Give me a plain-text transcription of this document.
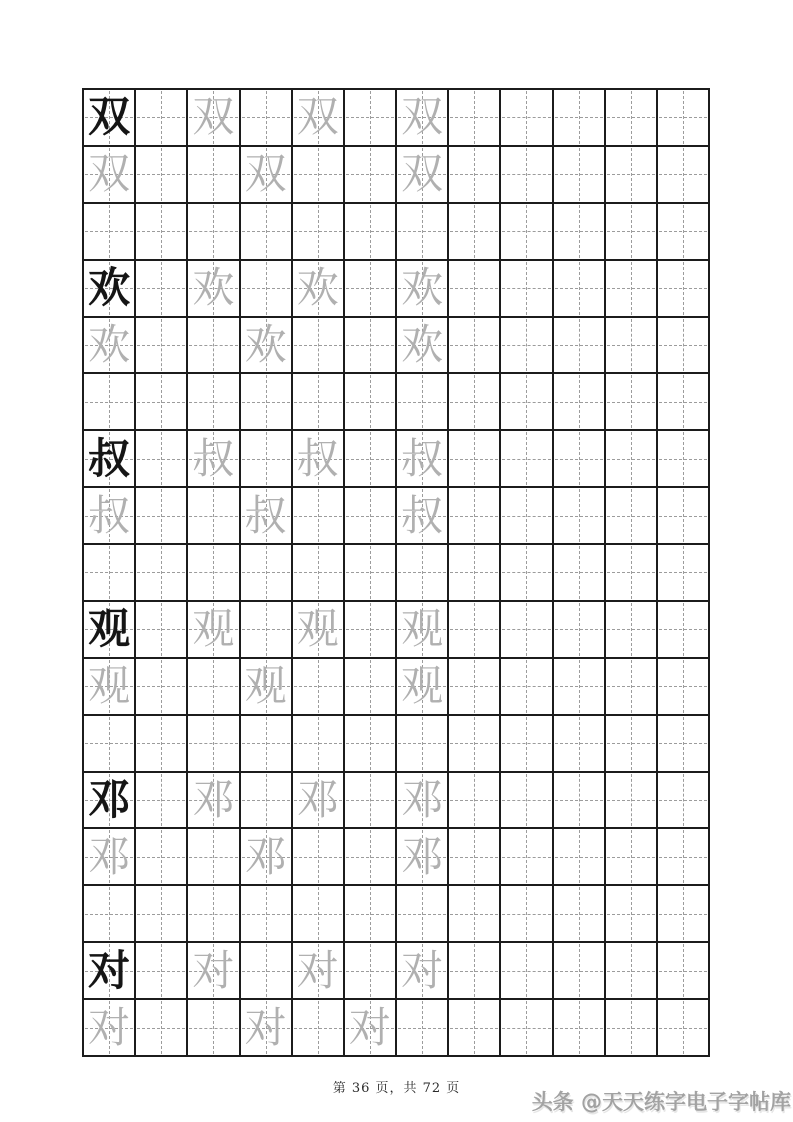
双 双 双 双
双	双	双
欢 欢 欢 欢
欢	欢	欢
叔 叔 叔 叔
叔	叔	叔
观 观 观 观
观	观	观
邓 邓 邓 邓
邓	邓	邓
对 对 对 对
对	对 对
第 36 页，共 72 页
头条 @天天练字电子字帖库
